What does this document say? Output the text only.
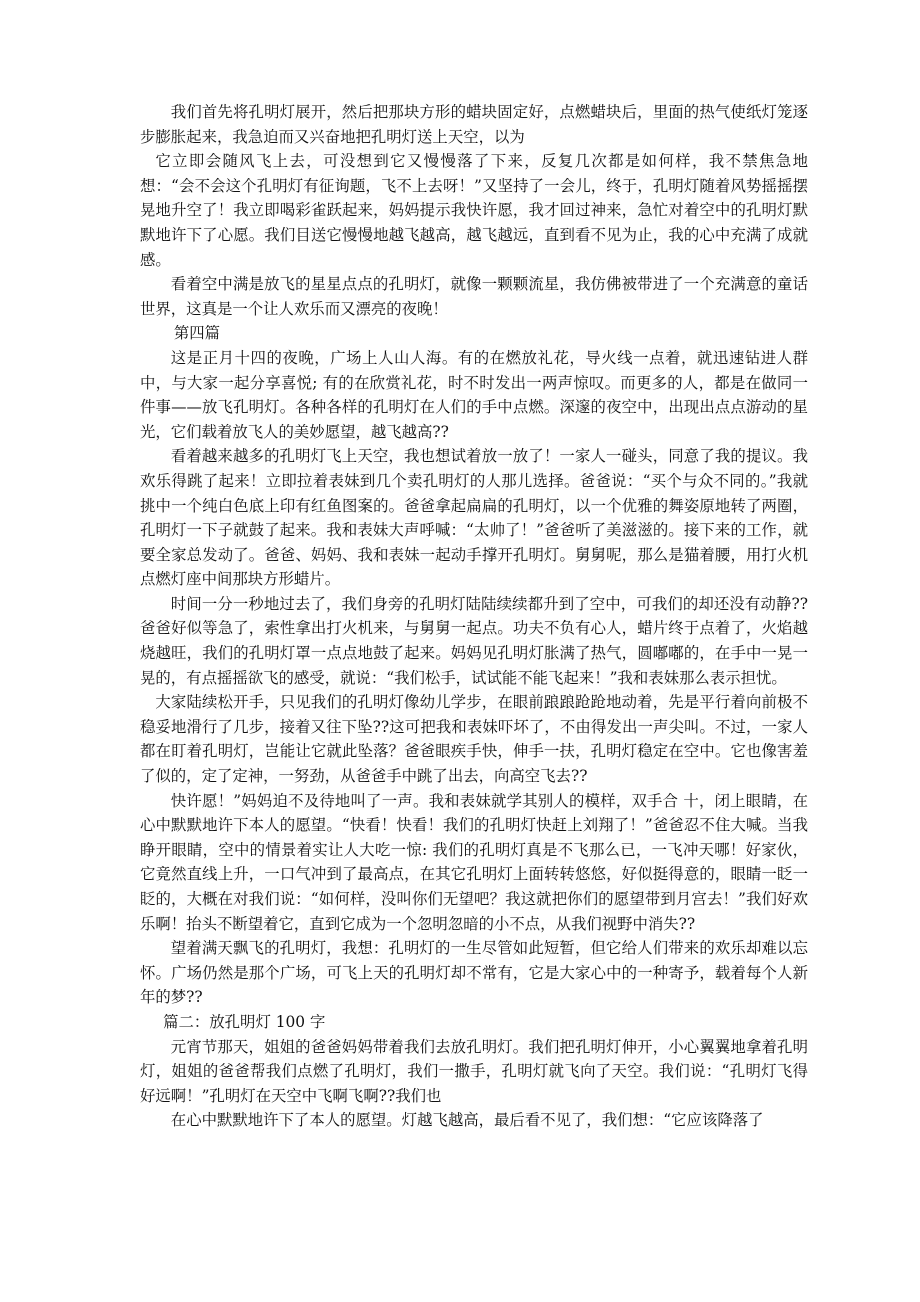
我们首先将孔明灯展开，然后把那块方形的蜡块固定好，点燃蜡块后，里面的热气使纸灯笼逐步膨胀起来，我急迫而又兴奋地把孔明灯送上天空，以为

它立即会随风飞上去，可没想到它又慢慢落了下来，反复几次都是如何样，我不禁焦急地想：“会不会这个孔明灯有征询题，飞不上去呀！”又坚持了一会儿，终于，孔明灯随着风势摇摇摆晃地升空了！我立即喝彩雀跃起来，妈妈提示我快许愿，我才回过神来，急忙对着空中的孔明灯默默地许下了心愿。我们目送它慢慢地越飞越高，越飞越远，直到看不见为止，我的心中充满了成就感。

看着空中满是放飞的星星点点的孔明灯，就像一颗颗流星，我仿佛被带进了一个充满意的童话世界，这真是一个让人欢乐而又漂亮的夜晚！

第四篇

这是正月十四的夜晚，广场上人山人海。有的在燃放礼花，导火线一点着，就迅速钻进人群中，与大家一起分享喜悦; 有的在欣赏礼花，时不时发出一两声惊叹。而更多的人，都是在做同一件事——放飞孔明灯。各种各样的孔明灯在人们的手中点燃。深邃的夜空中，出现出点点游动的星光，它们载着放飞人的美妙愿望，越飞越高??

看着越来越多的孔明灯飞上天空，我也想试着放一放了！一家人一碰头，同意了我的提议。我欢乐得跳了起来！立即拉着表妹到几个卖孔明灯的人那儿选择。爸爸说：“买个与众不同的。”我就挑中一个纯白色底上印有红鱼图案的。爸爸拿起扁扁的孔明灯，以一个优雅的舞姿原地转了两圈，孔明灯一下子就鼓了起来。我和表妹大声呼喊：“太帅了！”爸爸听了美滋滋的。接下来的工作，就要全家总发动了。爸爸、妈妈、我和表妹一起动手撑开孔明灯。舅舅呢，那么是猫着腰，用打火机点燃灯座中间那块方形蜡片。

时间一分一秒地过去了，我们身旁的孔明灯陆陆续续都升到了空中，可我们的却还没有动静??爸爸好似等急了，索性拿出打火机来，与舅舅一起点。功夫不负有心人，蜡片终于点着了，火焰越烧越旺，我们的孔明灯罩一点点地鼓了起来。妈妈见孔明灯胀满了热气，圆嘟嘟的，在手中一晃一晃的，有点摇摇欲飞的感受，就说：“我们松手，试试能不能飞起来！”我和表妹那么表示担忧。

大家陆续松开手，只见我们的孔明灯像幼儿学步，在眼前踉踉跄跄地动着，先是平行着向前极不稳妥地滑行了几步，接着又往下坠??这可把我和表妹吓坏了，不由得发出一声尖叫。不过，一家人都在盯着孔明灯，岂能让它就此坠落？爸爸眼疾手快，伸手一扶，孔明灯稳定在空中。它也像害羞了似的，定了定神，一努劲，从爸爸手中跳了出去，向高空飞去??

快许愿！”妈妈迫不及待地叫了一声。我和表妹就学其别人的模样，双手合 十，闭上眼睛，在心中默默地许下本人的愿望。“快看！快看！我们的孔明灯快赶上刘翔了！”爸爸忍不住大喊。当我睁开眼睛，空中的情景着实让人大吃一惊: 我们的孔明灯真是不飞那么已，一飞冲天哪！好家伙，它竟然直线上升，一口气冲到了最高点，在其它孔明灯上面转转悠悠，好似挺得意的，眼睛一眨一眨的，大概在对我们说：“如何样，没叫你们无望吧？我这就把你们的愿望带到月宫去！”我们好欢乐啊！抬头不断望着它，直到它成为一个忽明忽暗的小不点，从我们视野中消失??

望着满天飘飞的孔明灯，我想：孔明灯的一生尽管如此短暂，但它给人们带来的欢乐却难以忘怀。广场仍然是那个广场，可飞上天的孔明灯却不常有，它是大家心中的一种寄予，载着每个人新年的梦??

篇二：放孔明灯 100 字

元宵节那天，姐姐的爸爸妈妈带着我们去放孔明灯。我们把孔明灯伸开，小心翼翼地拿着孔明灯，姐姐的爸爸帮我们点燃了孔明灯，我们一撒手，孔明灯就飞向了天空。我们说：“孔明灯飞得好远啊！”孔明灯在天空中飞啊飞啊??我们也

在心中默默地许下了本人的愿望。灯越飞越高，最后看不见了，我们想：“它应该降落了
